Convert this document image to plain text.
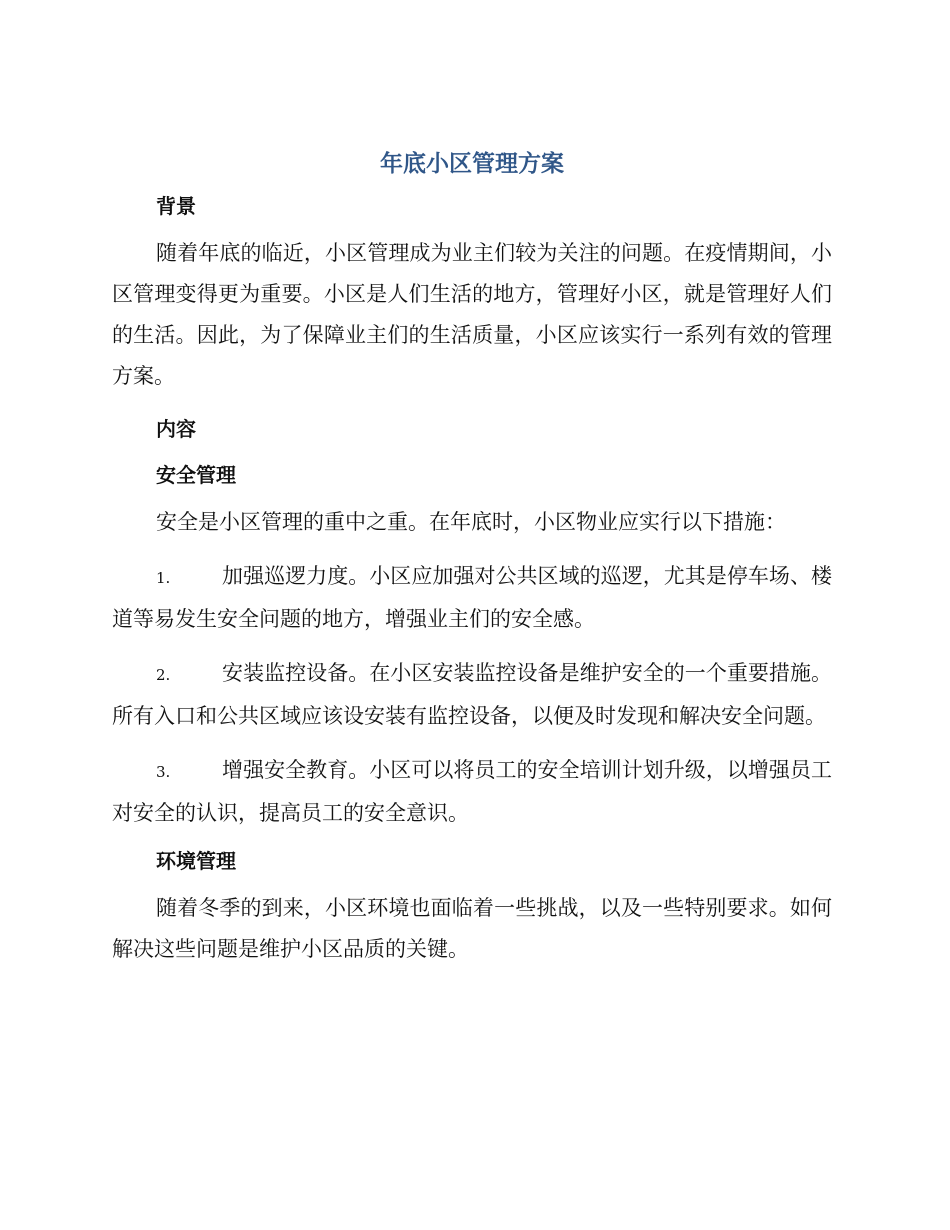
年底小区管理方案
背景

随着年底的临近，小区管理成为业主们较为关注的问题。在疫情期间，小区管理变得更为重要。小区是人们生活的地方，管理好小区，就是管理好人们的生活。因此，为了保障业主们的生活质量，小区应该实行一系列有效的管理方案。

内容
安全管理

安全是小区管理的重中之重。在年底时，小区物业应实行以下措施：

1. 加强巡逻力度。小区应加强对公共区域的巡逻，尤其是停车场、楼道等易发生安全问题的地方，增强业主们的安全感。

2. 安装监控设备。在小区安装监控设备是维护安全的一个重要措施。所有入口和公共区域应该设安装有监控设备，以便及时发现和解决安全问题。

3. 增强安全教育。小区可以将员工的安全培训计划升级，以增强员工对安全的认识，提高员工的安全意识。

环境管理

随着冬季的到来，小区环境也面临着一些挑战，以及一些特别要求。如何解决这些问题是维护小区品质的关键。
